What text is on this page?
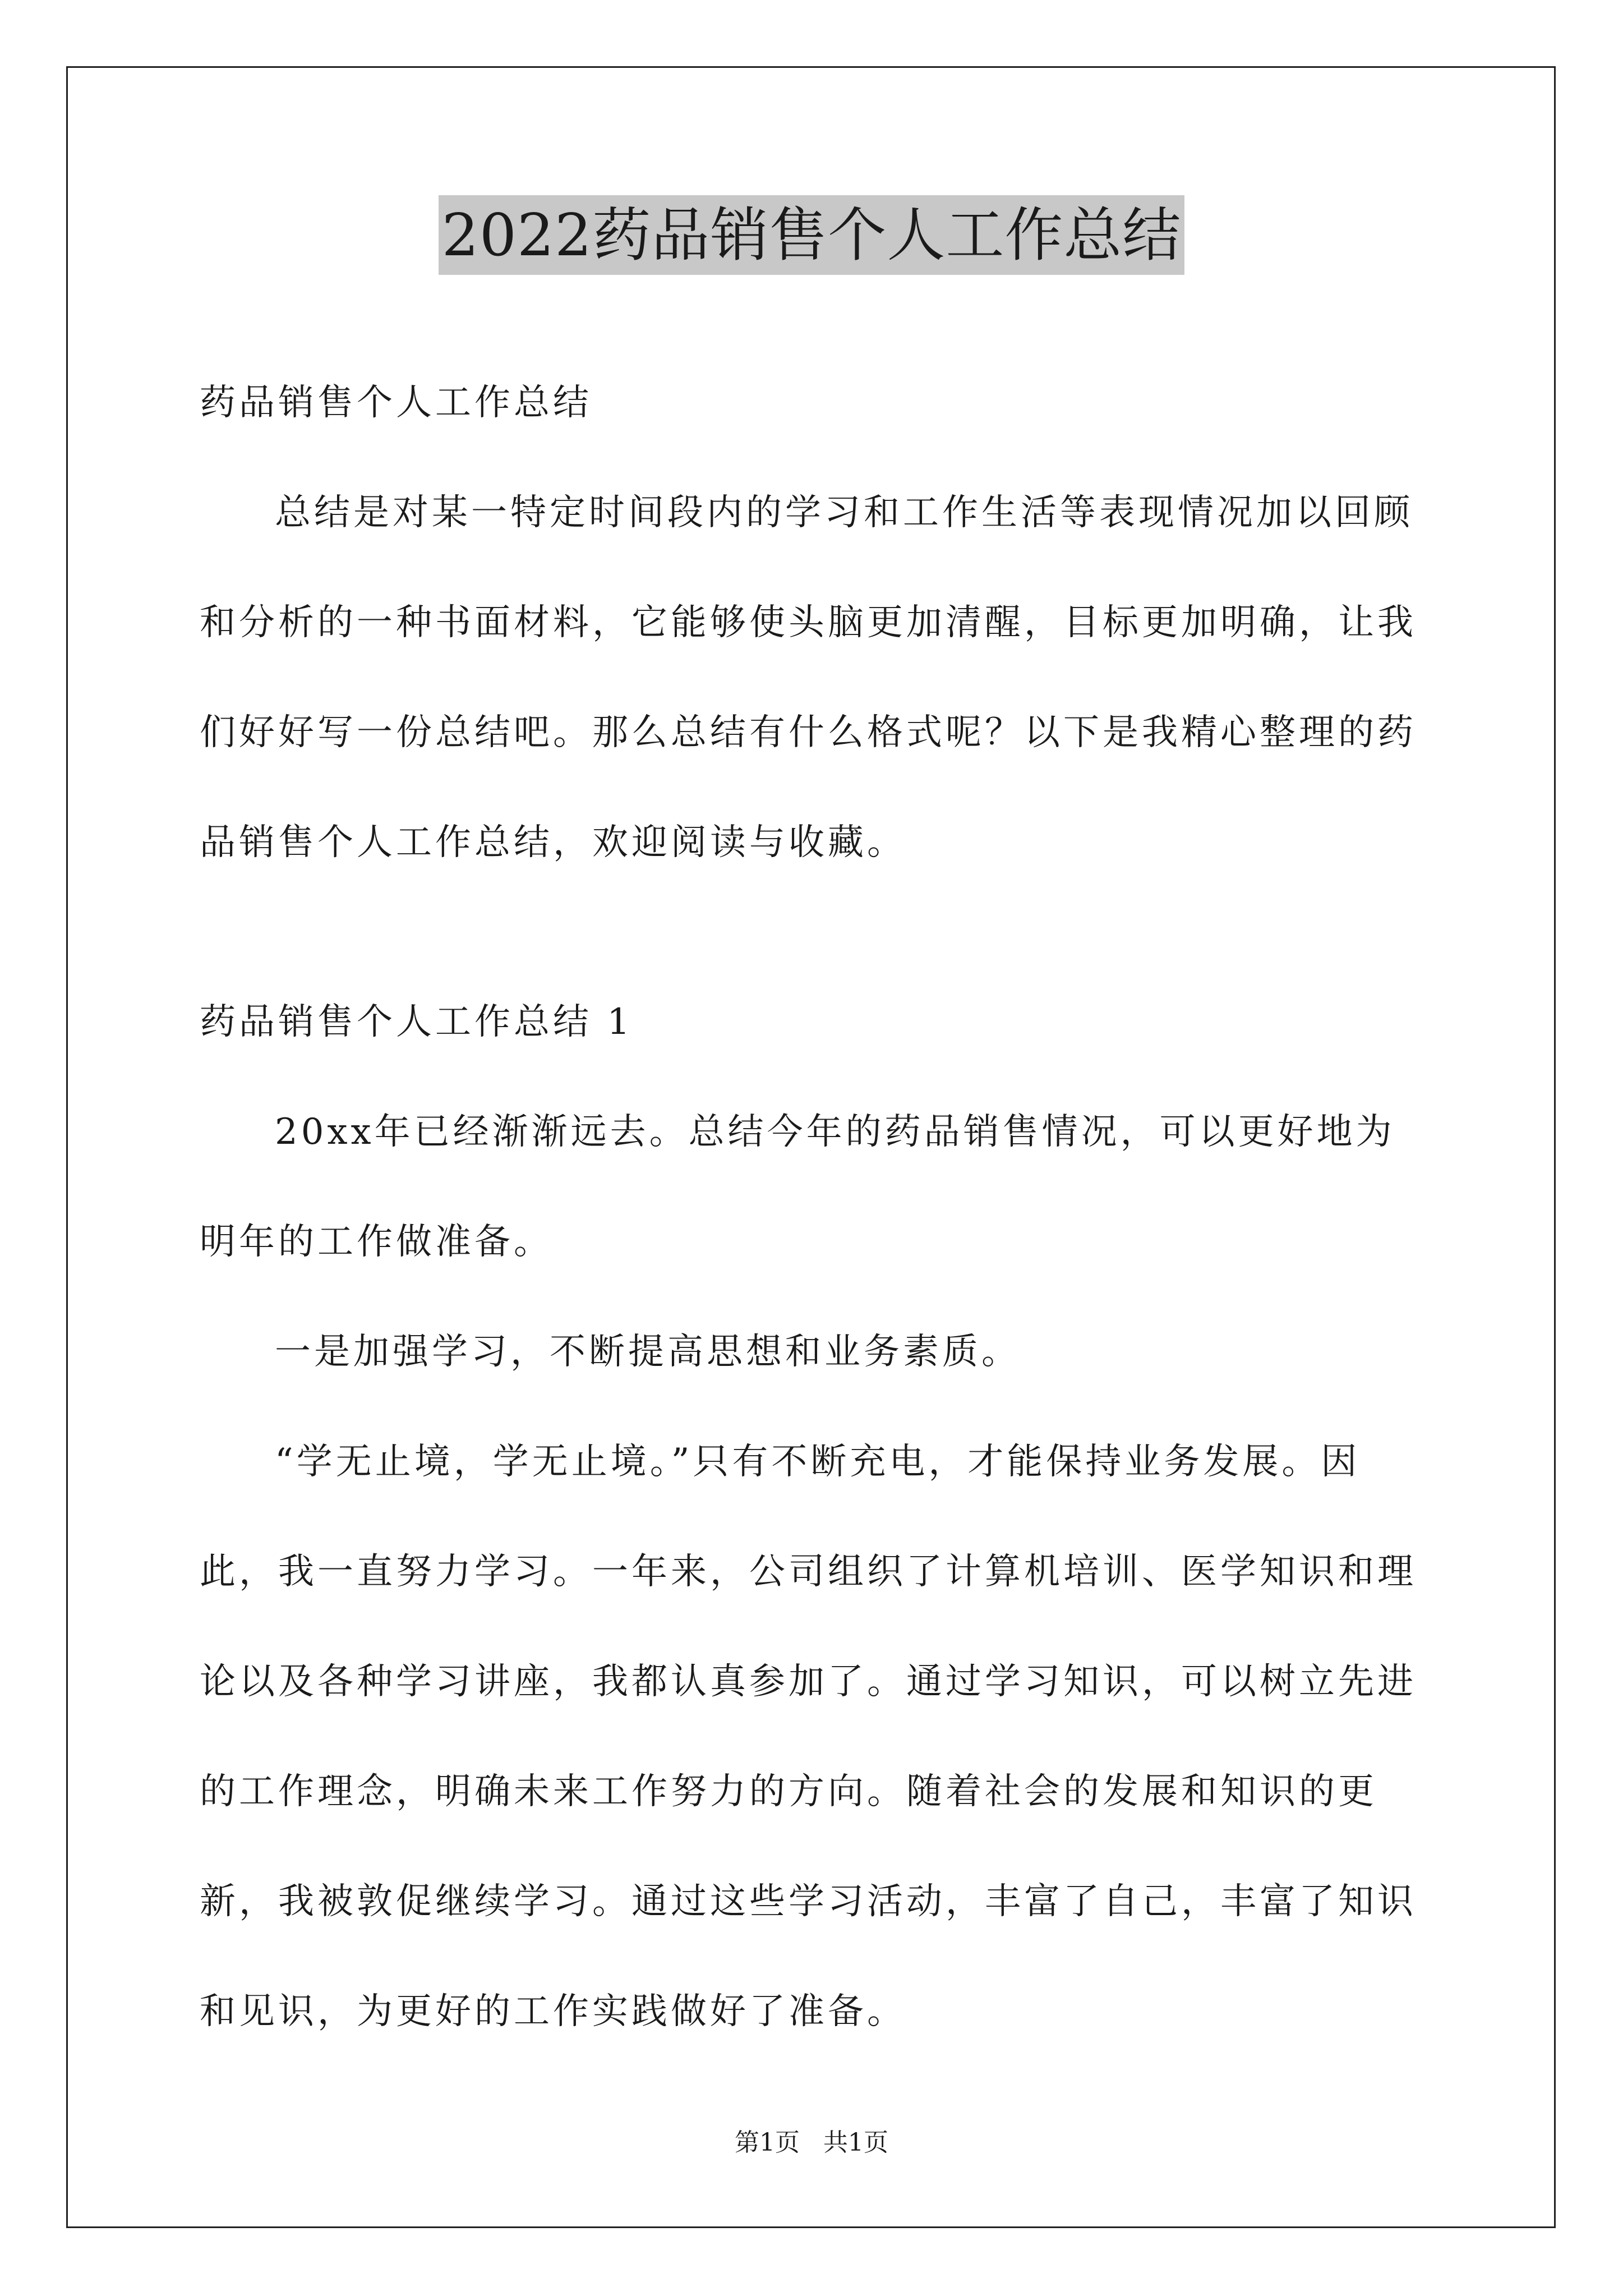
2022药品销售个人工作总结

药品销售个人工作总结

总结是对某一特定时间段内的学习和工作生活等表现情况加以回顾和分析的一种书面材料，它能够使头脑更加清醒，目标更加明确，让我们好好写一份总结吧。那么总结有什么格式呢？以下是我精心整理的药品销售个人工作总结，欢迎阅读与收藏。

药品销售个人工作总结 1

20xx年已经渐渐远去。总结今年的药品销售情况，可以更好地为明年的工作做准备。

一是加强学习，不断提高思想和业务素质。

“学无止境，学无止境。”只有不断充电，才能保持业务发展。因此，我一直努力学习。一年来，公司组织了计算机培训、医学知识和理论以及各种学习讲座，我都认真参加了。通过学习知识，可以树立先进的工作理念，明确未来工作努力的方向。随着社会的发展和知识的更新，我被敦促继续学习。通过这些学习活动，丰富了自己，丰富了知识和见识，为更好的工作实践做好了准备。

第1页 共1页
